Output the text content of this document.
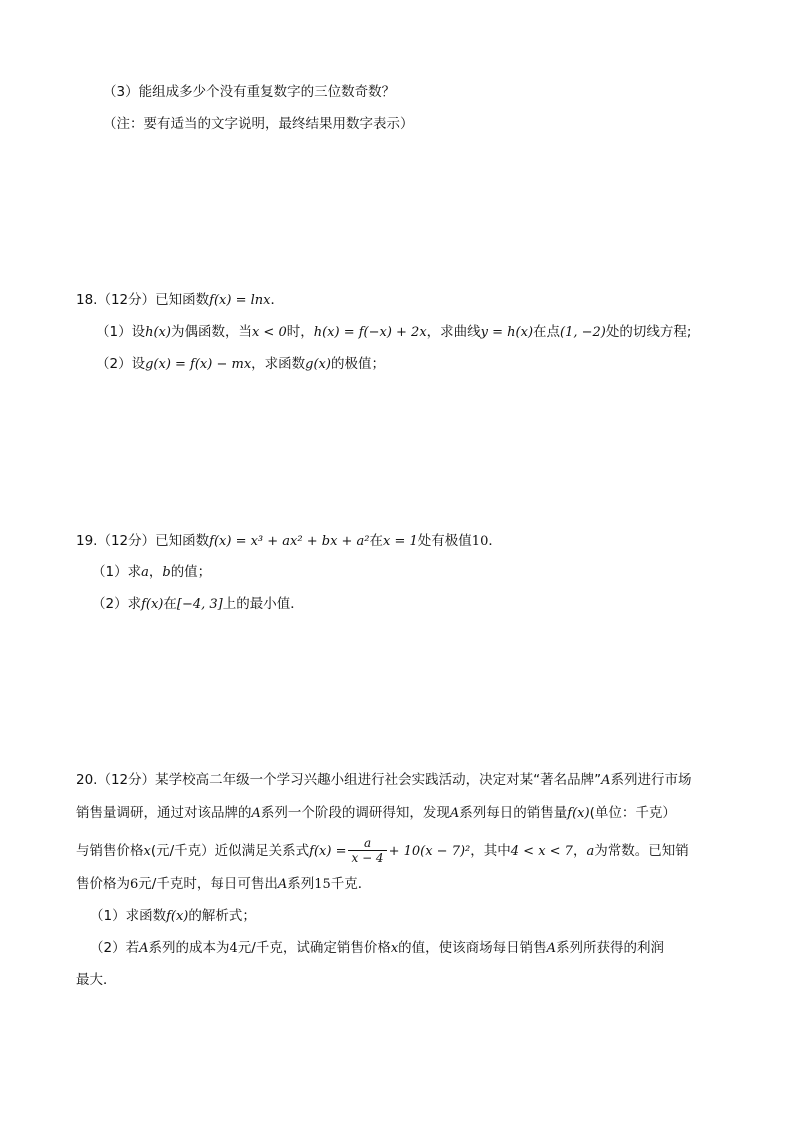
（3）能组成多少个没有重复数字的三位数奇数？
（注：要有适当的文字说明，最终结果用数字表示）
18.（12分）已知函数f(x) = lnx．
（1）设h(x)为偶函数，当x < 0时，h(x) = f(−x) + 2x，求曲线y = h(x)在点(1, −2)处的切线方程;
（2）设g(x) = f(x) − mx，求函数g(x)的极值；
19.（12分）已知函数f(x) = x³ + ax² + bx + a²在x = 1处有极值10．
（1）求a，b的值；
（2）求f(x)在[−4, 3]上的最小值．
20.（12分）某学校高二年级一个学习兴趣小组进行社会实践活动，决定对某“著名品牌”A系列进行市场
销售量调研，通过对该品牌的A系列一个阶段的调研得知，发现A系列每日的销售量f(x)(单位：千克）
与销售价格x(元/千克）近似满足关系式$f(x) = \frac{a}{x - 4} + 10(x - 7)^2$，其中4 < x < 7，a为常数。已知销
售价格为6元/千克时，每日可售出A系列15千克．
（1）求函数f(x)的解析式；
（2）若A系列的成本为4元/千克，试确定销售价格x的值，使该商场每日销售A系列所获得的利润
最大．
